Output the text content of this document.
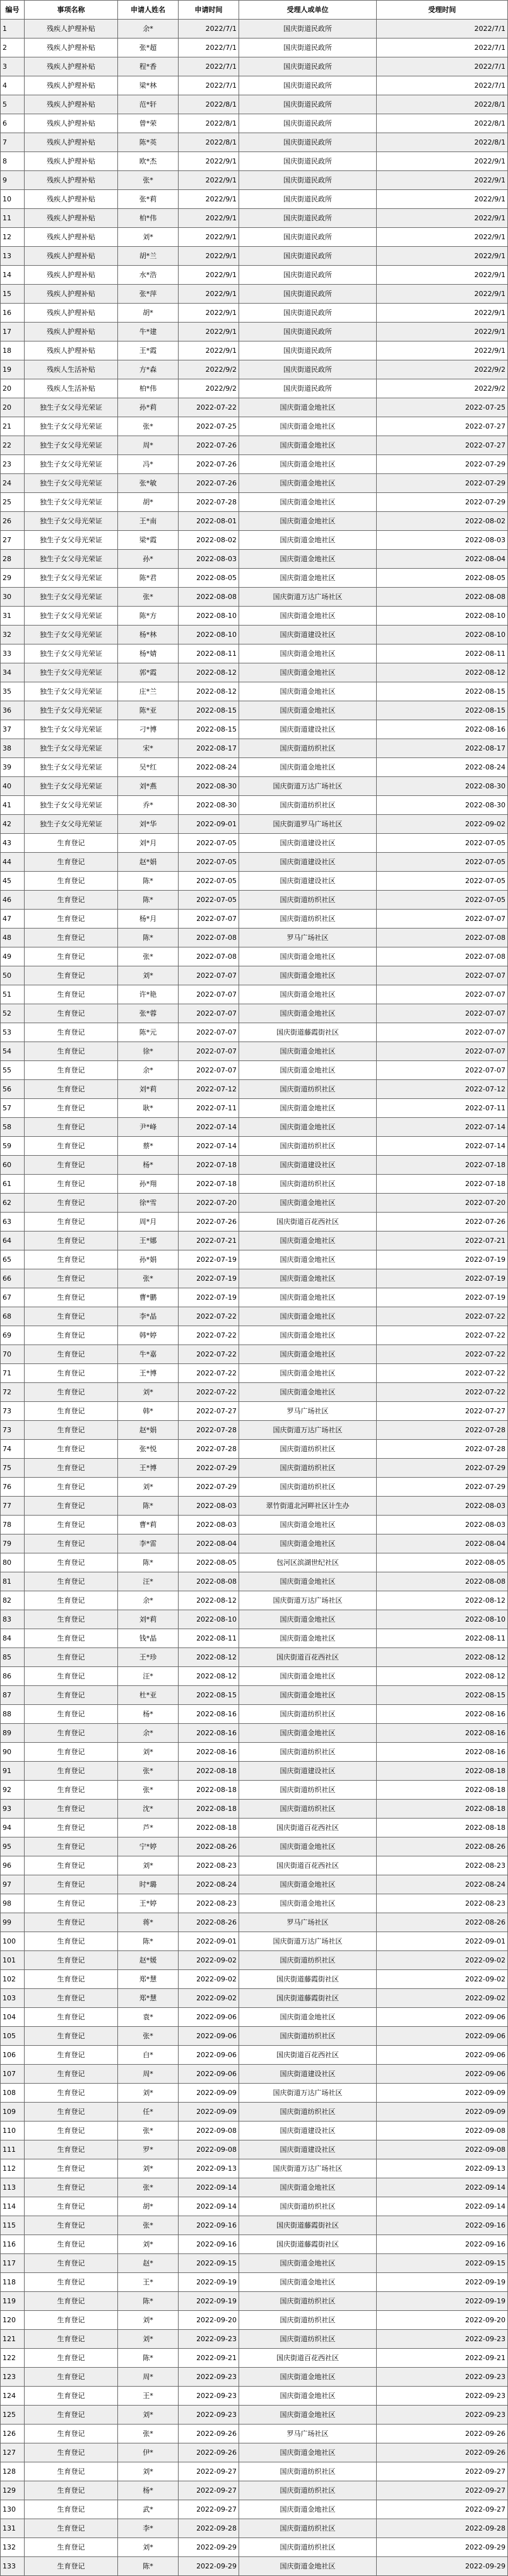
编号	事项名称	申请人姓名	申请时间	受理人或单位	受理时间
1	残疾人护理补贴	余*	2022/7/1	国庆街道民政所	2022/7/1
2	残疾人护理补贴	张*超	2022/7/1	国庆街道民政所	2022/7/1
3	残疾人护理补贴	程*香	2022/7/1	国庆街道民政所	2022/7/1
4	残疾人护理补贴	梁*林	2022/7/1	国庆街道民政所	2022/7/1
5	残疾人护理补贴	范*轩	2022/8/1	国庆街道民政所	2022/8/1
6	残疾人护理补贴	曾*荣	2022/8/1	国庆街道民政所	2022/8/1
7	残疾人护理补贴	陈*英	2022/8/1	国庆街道民政所	2022/8/1
8	残疾人护理补贴	欧*杰	2022/9/1	国庆街道民政所	2022/9/1
9	残疾人护理补贴	张*	2022/9/1	国庆街道民政所	2022/9/1
10	残疾人护理补贴	张*莉	2022/9/1	国庆街道民政所	2022/9/1
11	残疾人护理补贴	柏*伟	2022/9/1	国庆街道民政所	2022/9/1
12	残疾人护理补贴	刘*	2022/9/1	国庆街道民政所	2022/9/1
13	残疾人护理补贴	胡*兰	2022/9/1	国庆街道民政所	2022/9/1
14	残疾人护理补贴	水*浩	2022/9/1	国庆街道民政所	2022/9/1
15	残疾人护理补贴	张*萍	2022/9/1	国庆街道民政所	2022/9/1
16	残疾人护理补贴	胡*	2022/9/1	国庆街道民政所	2022/9/1
17	残疾人护理补贴	牛*建	2022/9/1	国庆街道民政所	2022/9/1
18	残疾人护理补贴	王*霞	2022/9/1	国庆街道民政所	2022/9/1
19	残疾人生活补贴	方*森	2022/9/2	国庆街道民政所	2022/9/2
20	残疾人生活补贴	柏*伟	2022/9/2	国庆街道民政所	2022/9/2
20	独生子女父母光荣证	孙*莉	2022-07-22	国庆街道金地社区	2022-07-25
21	独生子女父母光荣证	张*	2022-07-25	国庆街道金地社区	2022-07-27
22	独生子女父母光荣证	周*	2022-07-26	国庆街道金地社区	2022-07-27
23	独生子女父母光荣证	冯*	2022-07-26	国庆街道金地社区	2022-07-29
24	独生子女父母光荣证	张*敏	2022-07-26	国庆街道金地社区	2022-07-29
25	独生子女父母光荣证	胡*	2022-07-28	国庆街道金地社区	2022-07-29
26	独生子女父母光荣证	王*南	2022-08-01	国庆街道金地社区	2022-08-02
27	独生子女父母光荣证	梁*霞	2022-08-02	国庆街道金地社区	2022-08-03
28	独生子女父母光荣证	孙*	2022-08-03	国庆街道金地社区	2022-08-04
29	独生子女父母光荣证	陈*君	2022-08-05	国庆街道金地社区	2022-08-05
30	独生子女父母光荣证	张*	2022-08-08	国庆街道万达广场社区	2022-08-08
31	独生子女父母光荣证	陈*方	2022-08-10	国庆街道金地社区	2022-08-10
32	独生子女父母光荣证	杨*林	2022-08-10	国庆街道建设社区	2022-08-10
33	独生子女父母光荣证	杨*婧	2022-08-11	国庆街道金地社区	2022-08-11
34	独生子女父母光荣证	郭*霞	2022-08-12	国庆街道金地社区	2022-08-12
35	独生子女父母光荣证	庄*兰	2022-08-12	国庆街道金地社区	2022-08-15
36	独生子女父母光荣证	陈*亚	2022-08-15	国庆街道金地社区	2022-08-15
37	独生子女父母光荣证	刁*博	2022-08-15	国庆街道建设社区	2022-08-16
38	独生子女父母光荣证	宋*	2022-08-17	国庆街道纺织社区	2022-08-17
39	独生子女父母光荣证	吴*红	2022-08-24	国庆街道金地社区	2022-08-24
40	独生子女父母光荣证	刘*燕	2022-08-30	国庆街道万达广场社区	2022-08-30
41	独生子女父母光荣证	乔*	2022-08-30	国庆街道纺织社区	2022-08-30
42	独生子女父母光荣证	刘*华	2022-09-01	国庆街道罗马广场社区	2022-09-02
43	生育登记	刘*月	2022-07-05	国庆街道建设社区	2022-07-05
44	生育登记	赵*娟	2022-07-05	国庆街道建设社区	2022-07-05
45	生育登记	陈*	2022-07-05	国庆街道建设社区	2022-07-05
46	生育登记	陈*	2022-07-05	国庆街道纺织社区	2022-07-05
47	生育登记	杨*月	2022-07-07	国庆街道纺织社区	2022-07-07
48	生育登记	陈*	2022-07-08	罗马广场社区	2022-07-08
49	生育登记	张*	2022-07-08	国庆街道金地社区	2022-07-08
50	生育登记	刘*	2022-07-07	国庆街道金地社区	2022-07-07
51	生育登记	许*艳	2022-07-07	国庆街道金地社区	2022-07-07
52	生育登记	张*蓉	2022-07-07	国庆街道金地社区	2022-07-07
53	生育登记	陈*元	2022-07-07	国庆街道藤霞街社区	2022-07-07
54	生育登记	徐*	2022-07-07	国庆街道金地社区	2022-07-07
55	生育登记	余*	2022-07-07	国庆街道金地社区	2022-07-07
56	生育登记	刘*莉	2022-07-12	国庆街道纺织社区	2022-07-12
57	生育登记	耿*	2022-07-11	国庆街道金地社区	2022-07-11
58	生育登记	尹*峰	2022-07-14	国庆街道金地社区	2022-07-14
59	生育登记	蔡*	2022-07-14	国庆街道纺织社区	2022-07-14
60	生育登记	杨*	2022-07-18	国庆街道建设社区	2022-07-18
61	生育登记	孙*翔	2022-07-18	国庆街道纺织社区	2022-07-18
62	生育登记	徐*雪	2022-07-20	国庆街道金地社区	2022-07-20
63	生育登记	周*月	2022-07-26	国庆街道百花西社区	2022-07-26
64	生育登记	王*娜	2022-07-21	国庆街道金地社区	2022-07-21
65	生育登记	孙*娟	2022-07-19	国庆街道金地社区	2022-07-19
66	生育登记	张*	2022-07-19	国庆街道金地社区	2022-07-19
67	生育登记	曹*鹏	2022-07-19	国庆街道金地社区	2022-07-19
68	生育登记	李*晶	2022-07-22	国庆街道金地社区	2022-07-22
69	生育登记	韩*婷	2022-07-22	国庆街道金地社区	2022-07-22
70	生育登记	牛*嘉	2022-07-22	国庆街道金地社区	2022-07-22
71	生育登记	王*博	2022-07-22	国庆街道金地社区	2022-07-22
72	生育登记	刘*	2022-07-22	国庆街道金地社区	2022-07-22
73	生育登记	韩*	2022-07-27	罗马广场社区	2022-07-27
73	生育登记	赵*娟	2022-07-28	国庆街道万达广场社区	2022-07-28
74	生育登记	张*悦	2022-07-28	国庆街道纺织社区	2022-07-28
75	生育登记	王*博	2022-07-29	国庆街道纺织社区	2022-07-29
76	生育登记	刘*	2022-07-29	国庆街道纺织社区	2022-07-29
77	生育登记	陈*	2022-08-03	翠竹街道北河畔社区计生办	2022-08-03
78	生育登记	曹*莉	2022-08-03	国庆街道金地社区	2022-08-03
79	生育登记	李*雷	2022-08-04	国庆街道金地社区	2022-08-04
80	生育登记	陈*	2022-08-05	包河区滨湖世纪社区	2022-08-05
81	生育登记	汪*	2022-08-08	国庆街道金地社区	2022-08-08
82	生育登记	余*	2022-08-12	国庆街道万达广场社区	2022-08-12
83	生育登记	刘*莉	2022-08-10	国庆街道金地社区	2022-08-10
84	生育登记	钱*晶	2022-08-11	国庆街道金地社区	2022-08-11
85	生育登记	王*珍	2022-08-12	国庆街道百花西社区	2022-08-12
86	生育登记	汪*	2022-08-12	国庆街道金地社区	2022-08-12
87	生育登记	杜*亚	2022-08-15	国庆街道金地社区	2022-08-15
88	生育登记	杨*	2022-08-16	国庆街道纺织社区	2022-08-16
89	生育登记	余*	2022-08-16	国庆街道金地社区	2022-08-16
90	生育登记	刘*	2022-08-16	国庆街道纺织社区	2022-08-16
91	生育登记	张*	2022-08-18	国庆街道建设社区	2022-08-18
92	生育登记	张*	2022-08-18	国庆街道纺织社区	2022-08-18
93	生育登记	沈*	2022-08-18	国庆街道纺织社区	2022-08-18
94	生育登记	芦*	2022-08-18	国庆街道百花西社区	2022-08-18
95	生育登记	宁*婷	2022-08-26	国庆街道金地社区	2022-08-26
96	生育登记	刘*	2022-08-23	国庆街道百花西社区	2022-08-23
97	生育登记	时*璐	2022-08-24	国庆街道金地社区	2022-08-24
98	生育登记	王*婷	2022-08-23	国庆街道金地社区	2022-08-23
99	生育登记	蒋*	2022-08-26	罗马广场社区	2022-08-26
100	生育登记	陈*	2022-09-01	国庆街道万达广场社区	2022-09-01
101	生育登记	赵*媛	2022-09-02	国庆街道纺织社区	2022-09-02
102	生育登记	郑*慧	2022-09-02	国庆街道藤霞街社区	2022-09-02
103	生育登记	郑*慧	2022-09-02	国庆街道藤霞街社区	2022-09-02
104	生育登记	袁*	2022-09-06	国庆街道金地社区	2022-09-06
105	生育登记	张*	2022-09-06	国庆街道纺织社区	2022-09-06
106	生育登记	白*	2022-09-06	国庆街道百花西社区	2022-09-06
107	生育登记	周*	2022-09-06	国庆街道建设社区	2022-09-06
108	生育登记	刘*	2022-09-09	国庆街道万达广场社区	2022-09-09
109	生育登记	任*	2022-09-09	国庆街道纺织社区	2022-09-09
110	生育登记	张*	2022-09-08	国庆街道建设社区	2022-09-08
111	生育登记	罗*	2022-09-08	国庆街道建设社区	2022-09-08
112	生育登记	刘*	2022-09-13	国庆街道万达广场社区	2022-09-13
113	生育登记	张*	2022-09-14	国庆街道金地社区	2022-09-14
114	生育登记	胡*	2022-09-14	国庆街道纺织社区	2022-09-14
115	生育登记	张*	2022-09-16	国庆街道藤霞街社区	2022-09-16
116	生育登记	刘*	2022-09-16	国庆街道藤霞街社区	2022-09-16
117	生育登记	赵*	2022-09-15	国庆街道金地社区	2022-09-15
118	生育登记	王*	2022-09-19	国庆街道金地社区	2022-09-19
119	生育登记	陈*	2022-09-19	国庆街道纺织社区	2022-09-19
120	生育登记	刘*	2022-09-20	国庆街道纺织社区	2022-09-20
121	生育登记	刘*	2022-09-23	国庆街道纺织社区	2022-09-23
122	生育登记	陈*	2022-09-21	国庆街道百花西社区	2022-09-21
123	生育登记	周*	2022-09-23	国庆街道金地社区	2022-09-23
124	生育登记	王*	2022-09-23	国庆街道金地社区	2022-09-23
125	生育登记	刘*	2022-09-23	国庆街道金地社区	2022-09-23
126	生育登记	张*	2022-09-26	罗马广场社区	2022-09-26
127	生育登记	伊*	2022-09-26	国庆街道金地社区	2022-09-26
128	生育登记	刘*	2022-09-27	国庆街道纺织社区	2022-09-27
129	生育登记	杨*	2022-09-27	国庆街道纺织社区	2022-09-27
130	生育登记	武*	2022-09-27	国庆街道金地社区	2022-09-27
131	生育登记	李*	2022-09-28	国庆街道纺织社区	2022-09-28
132	生育登记	刘*	2022-09-29	国庆街道纺织社区	2022-09-29
133	生育登记	陈*	2022-09-29	国庆街道金地社区	2022-09-29
